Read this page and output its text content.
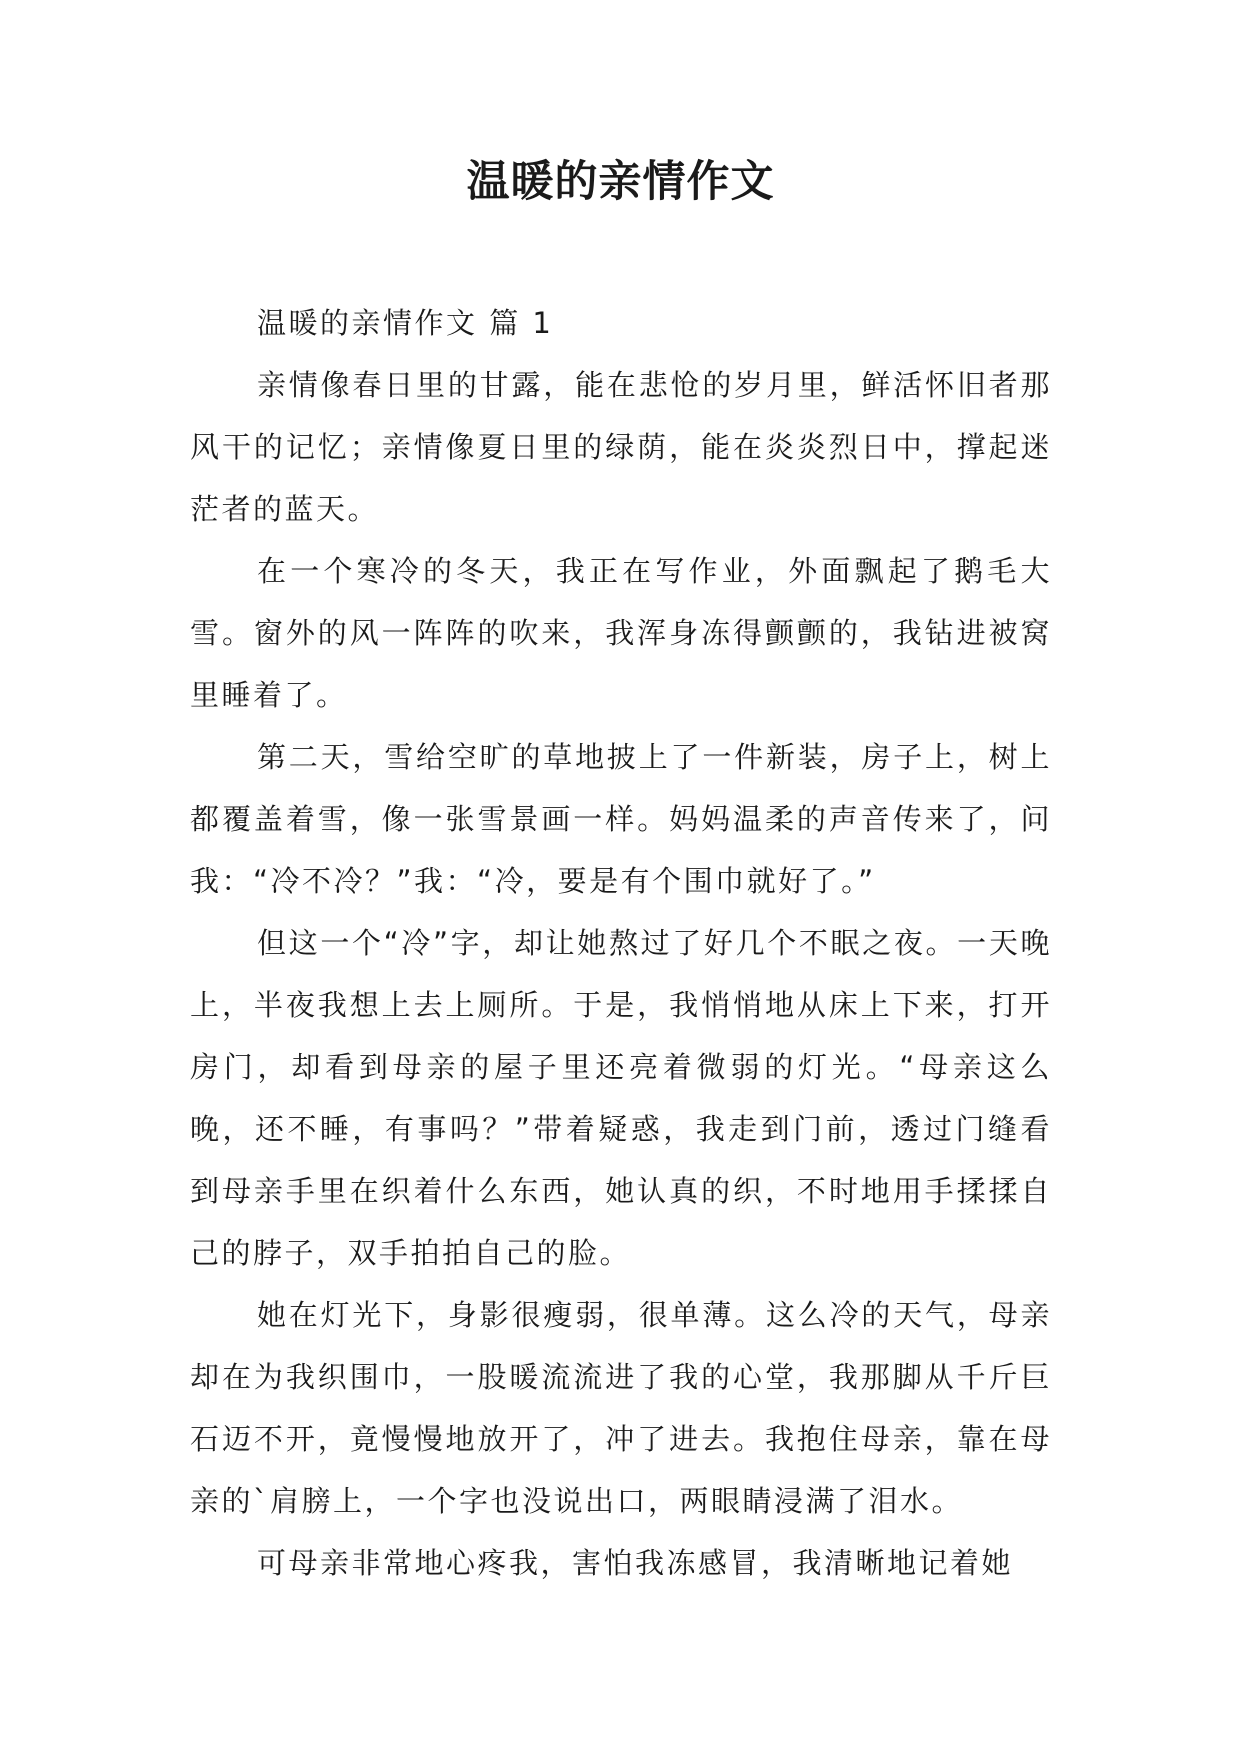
温暖的亲情作文

温暖的亲情作文 篇 1

亲情像春日里的甘露，能在悲怆的岁月里，鲜活怀旧者那风干的记忆；亲情像夏日里的绿荫，能在炎炎烈日中，撑起迷茫者的蓝天。

在一个寒冷的冬天，我正在写作业，外面飘起了鹅毛大雪。窗外的风一阵阵的吹来，我浑身冻得颤颤的，我钻进被窝里睡着了。

第二天，雪给空旷的草地披上了一件新装，房子上，树上都覆盖着雪，像一张雪景画一样。妈妈温柔的声音传来了，问我：“冷不冷？”我：“冷，要是有个围巾就好了。”

但这一个“冷”字，却让她熬过了好几个不眠之夜。一天晚上，半夜我想上去上厕所。于是，我悄悄地从床上下来，打开房门，却看到母亲的屋子里还亮着微弱的灯光。“母亲这么晚，还不睡，有事吗？”带着疑惑，我走到门前，透过门缝看到母亲手里在织着什么东西，她认真的织，不时地用手揉揉自己的脖子，双手拍拍自己的脸。

她在灯光下，身影很瘦弱，很单薄。这么冷的天气，母亲却在为我织围巾，一股暖流流进了我的心堂，我那脚从千斤巨石迈不开，竟慢慢地放开了，冲了进去。我抱住母亲，靠在母亲的`肩膀上，一个字也没说出口，两眼睛浸满了泪水。

可母亲非常地心疼我，害怕我冻感冒，我清晰地记着她
